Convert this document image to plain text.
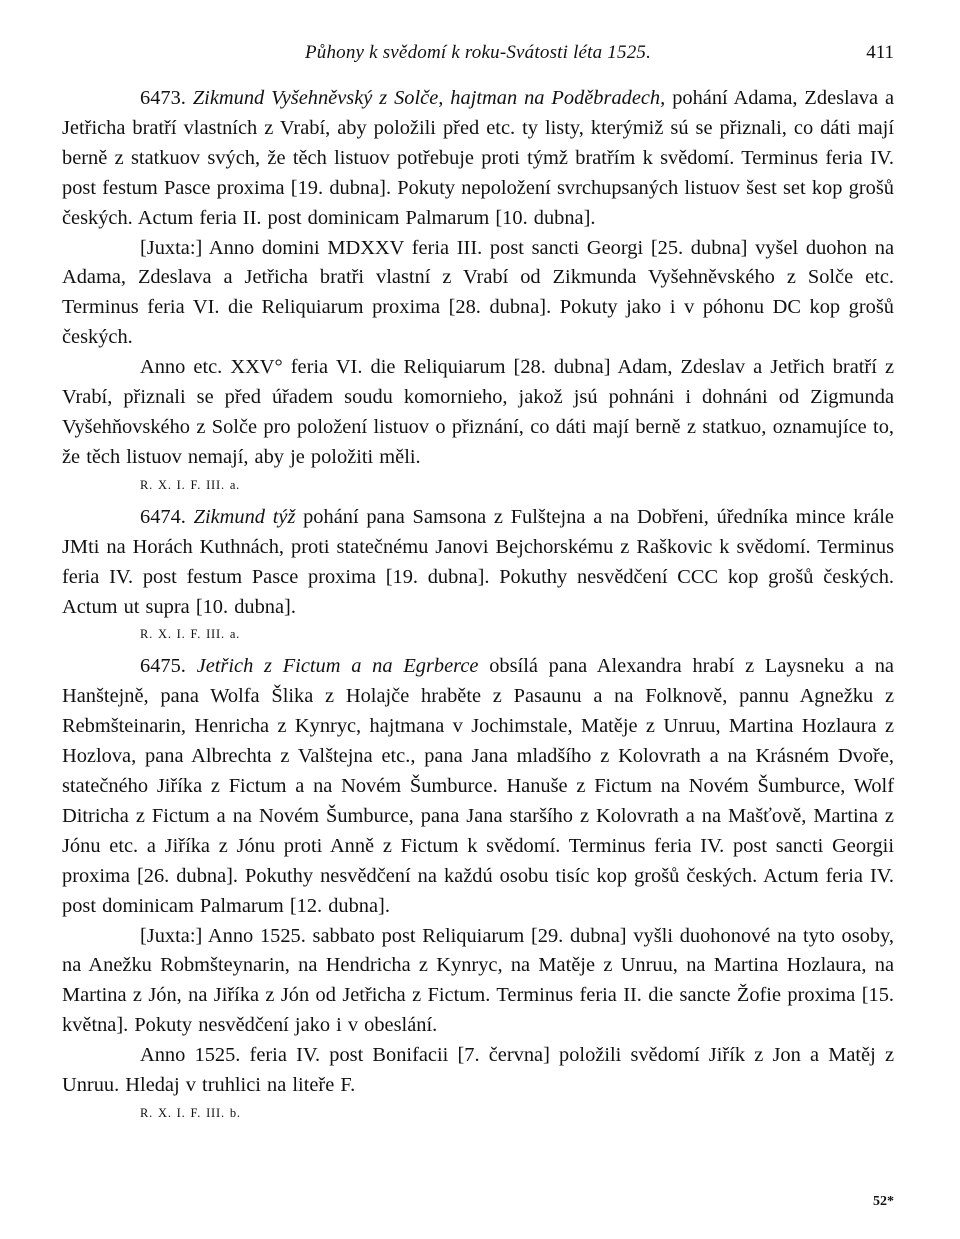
Půhony k svědomí k roku-Svátosti léta 1525.	411

6473. Zikmund Vyšehněvský z Solče, hajtman na Poděbradech, pohání Adama, Zdeslava a Jetřicha bratří vlastních z Vrabí, aby položili před etc. ty listy, kterýmiž sú se přiznali, co dáti mají berně z statkuov svých, že těch listuov potřebuje proti týmž bratřím k svědomí. Terminus feria IV. post festum Pasce proxima [19. dubna]. Pokuty nepoložení svrchupsaných listuov šest set kop grošů českých. Actum feria II. post dominicam Palmarum [10. dubna].

[Juxta:] Anno domini MDXXV feria III. post sancti Georgi [25. dubna] vyšel duohon na Adama, Zdeslava a Jetřicha bratři vlastní z Vrabí od Zikmunda Vyšehněvského z Solče etc. Terminus feria VI. die Reliquiarum proxima [28. dubna]. Pokuty jako i v póhonu DC kop grošů českých.

Anno etc. XXV° feria VI. die Reliquiarum [28. dubna] Adam, Zdeslav a Jetřich bratří z Vrabí, přiznali se před úřadem soudu komornieho, jakož jsú pohnáni i dohnáni od Zigmunda Vyšehňovského z Solče pro položení listuov o přiznání, co dáti mají berně z statkuo, oznamujíce to, že těch listuov nemají, aby je položiti měli.

R. X. I. F. III. a.

6474. Zikmund týž pohání pana Samsona z Fulštejna a na Dobřeni, úředníka mince krále JMti na Horách Kuthnách, proti statečnému Janovi Bejchorskému z Raškovic k svědomí. Terminus feria IV. post festum Pasce proxima [19. dubna]. Pokuthy nesvědčení CCC kop grošů českých. Actum ut supra [10. dubna].

R. X. I. F. III. a.

6475. Jetřich z Fictum a na Egrberce obsílá pana Alexandra hrabí z Laysneku a na Hanštejně, pana Wolfa Šlika z Holajče hraběte z Pasaunu a na Folknově, pannu Agnežku z Rebmšteinarin, Henricha z Kynryc, hajtmana v Jochimstale, Matěje z Unruu, Martina Hozlaura z Hozlova, pana Albrechta z Valštejna etc., pana Jana mladšího z Kolovrath a na Krásném Dvoře, statečného Jiříka z Fictum a na Novém Šumburce. Hanuše z Fictum na Novém Šumburce, Wolf Ditricha z Fictum a na Novém Šumburce, pana Jana staršího z Kolovrath a na Mašťově, Martina z Jónu etc. a Jiříka z Jónu proti Anně z Fictum k svědomí. Terminus feria IV. post sancti Georgii proxima [26. dubna]. Pokuthy nesvědčení na každú osobu tisíc kop grošů českých. Actum feria IV. post dominicam Palmarum [12. dubna].

[Juxta:] Anno 1525. sabbato post Reliquiarum [29. dubna] vyšli duohonové na tyto osoby, na Anežku Robmšteynarin, na Hendricha z Kynryc, na Matěje z Unruu, na Martina Hozlaura, na Martina z Jón, na Jiříka z Jón od Jetřicha z Fictum. Terminus feria II. die sancte Žofie proxima [15. května]. Pokuty nesvědčení jako i v obeslání.

Anno 1525. feria IV. post Bonifacii [7. června] položili svědomí Jiřík z Jon a Matěj z Unruu. Hledaj v truhlici na liteře F.

R. X. I. F. III. b.
52*
